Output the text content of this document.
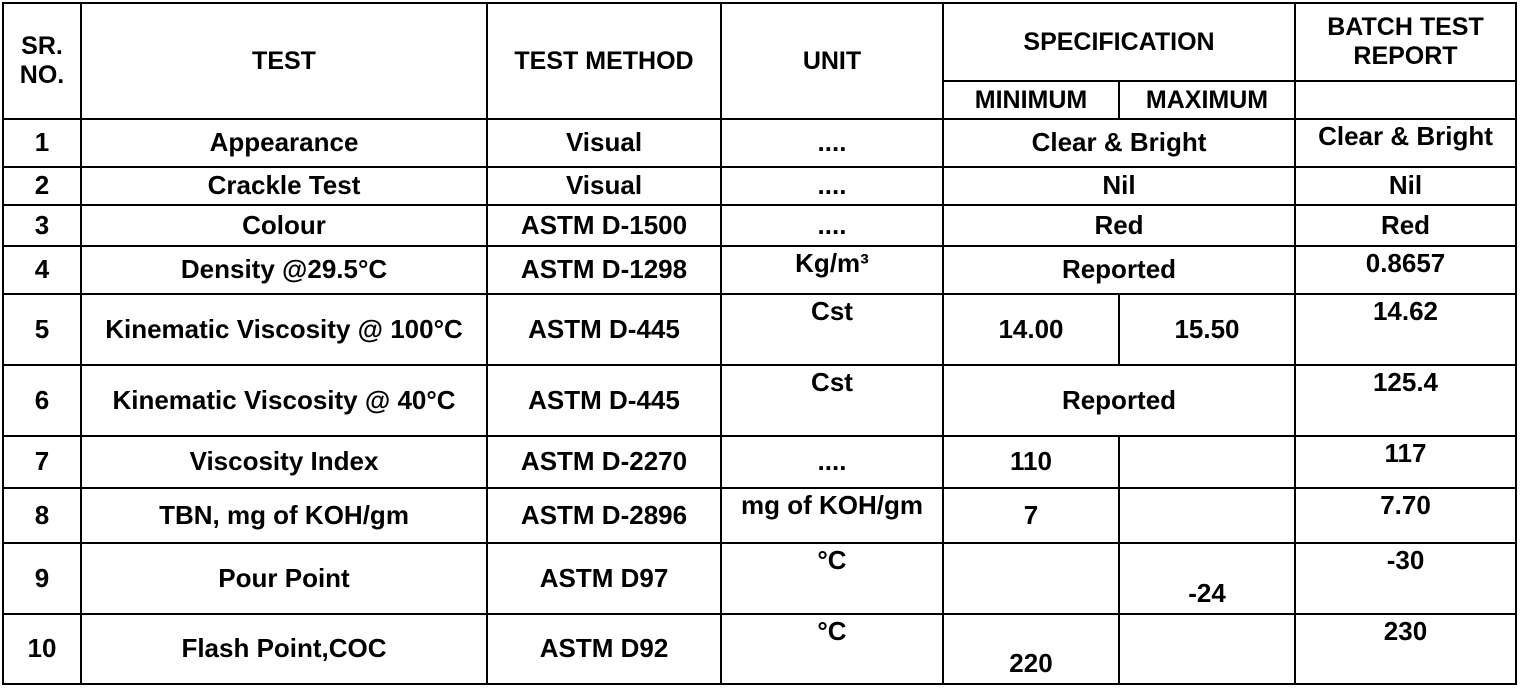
SR. NO.	TEST	TEST METHOD	UNIT	SPECIFICATION		BATCH TEST REPORT
				MINIMUM	MAXIMUM	
1	Appearance	Visual	....	Clear & Bright		Clear & Bright
2	Crackle Test	Visual	....	Nil		Nil
3	Colour	ASTM D-1500	....	Red		Red
4	Density @29.5°C	ASTM D-1298	Kg/m³	Reported		0.8657
5	Kinematic Viscosity @ 100°C	ASTM D-445	Cst	14.00	15.50	14.62
6	Kinematic Viscosity @ 40°C	ASTM D-445	Cst	Reported		125.4
7	Viscosity Index	ASTM D-2270	....	110		117
8	TBN, mg of KOH/gm	ASTM D-2896	mg of KOH/gm	7		7.70
9	Pour Point	ASTM D97	°C		-24	-30
10	Flash Point,COC	ASTM D92	°C	220		230
